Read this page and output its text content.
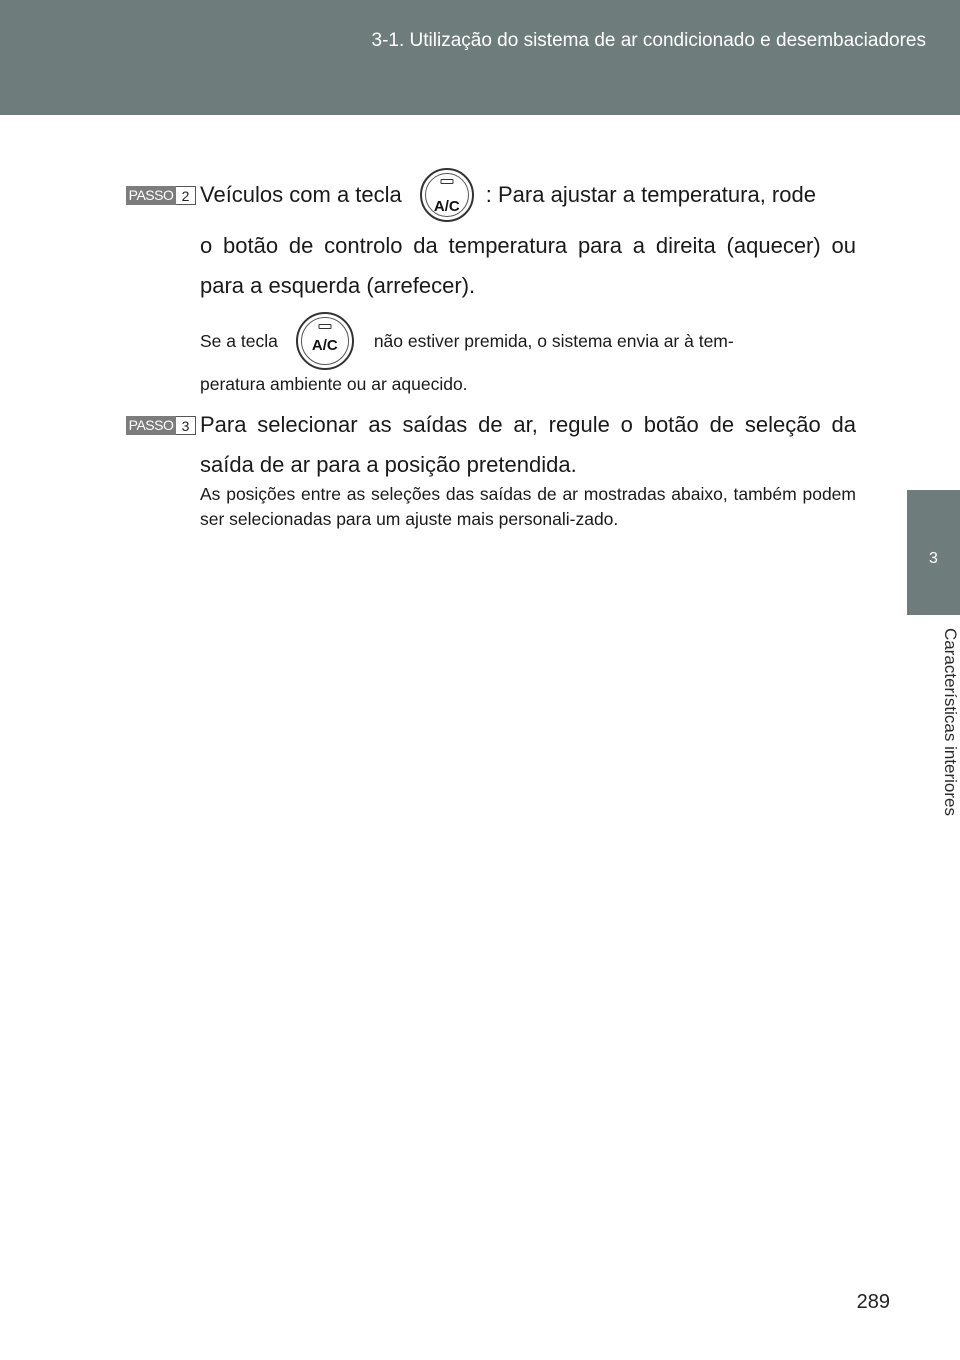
3-1. Utilização do sistema de ar condicionado e desembaciadores
3
Características interiores
PASSO 2 Veículos com a tecla	A/C	: Para ajustar a temperatura, rode
o botão de controlo da temperatura para a direita (aquecer) ou para a esquerda (arrefecer).
Se a tecla	A/C	não estiver premida, o sistema envia ar à tem-
peratura ambiente ou ar aquecido.
PASSO 3 Para selecionar as saídas de ar, regule o botão de seleção da saída de ar para a posição pretendida.
As posições entre as seleções das saídas de ar mostradas abaixo, também podem ser selecionadas para um ajuste mais personali-zado.
289
